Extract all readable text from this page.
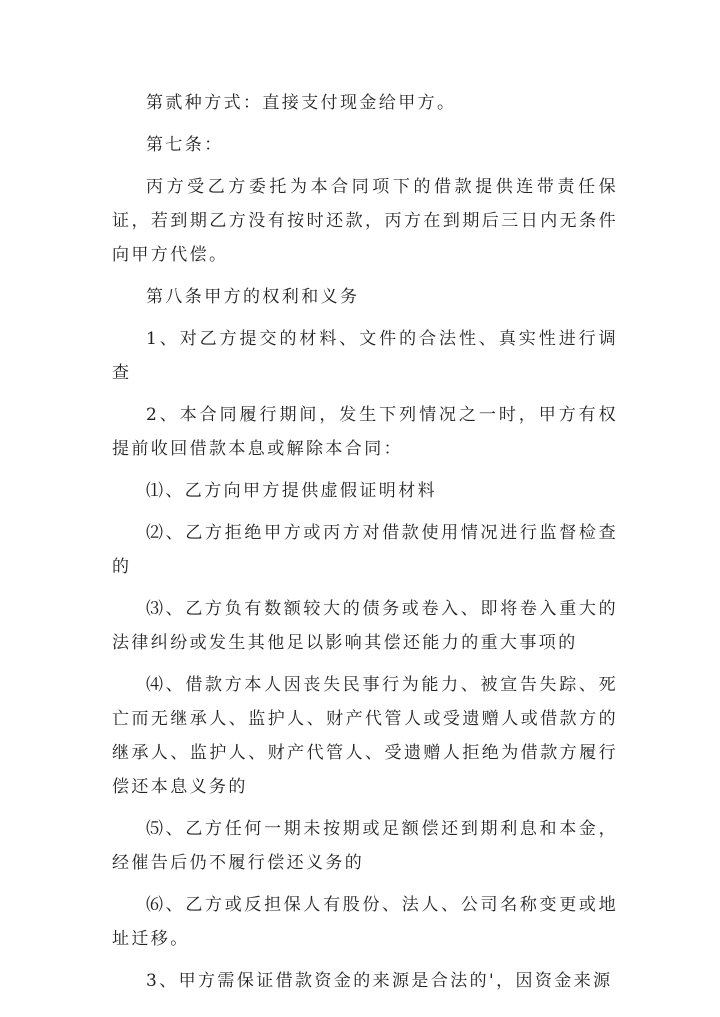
第贰种方式：直接支付现金给甲方。

第七条：

丙方受乙方委托为本合同项下的借款提供连带责任保证，若到期乙方没有按时还款，丙方在到期后三日内无条件向甲方代偿。

第八条甲方的权利和义务

1、对乙方提交的材料、文件的合法性、真实性进行调查

2、本合同履行期间，发生下列情况之一时，甲方有权提前收回借款本息或解除本合同：

⑴、乙方向甲方提供虚假证明材料

⑵、乙方拒绝甲方或丙方对借款使用情况进行监督检查的

⑶、乙方负有数额较大的债务或卷入、即将卷入重大的法律纠纷或发生其他足以影响其偿还能力的重大事项的

⑷、借款方本人因丧失民事行为能力、被宣告失踪、死亡而无继承人、监护人、财产代管人或受遗赠人或借款方的继承人、监护人、财产代管人、受遗赠人拒绝为借款方履行偿还本息义务的

⑸、乙方任何一期未按期或足额偿还到期利息和本金，经催告后仍不履行偿还义务的

⑹、乙方或反担保人有股份、法人、公司名称变更或地址迁移。

3、甲方需保证借款资金的来源是合法的'，因资金来源
